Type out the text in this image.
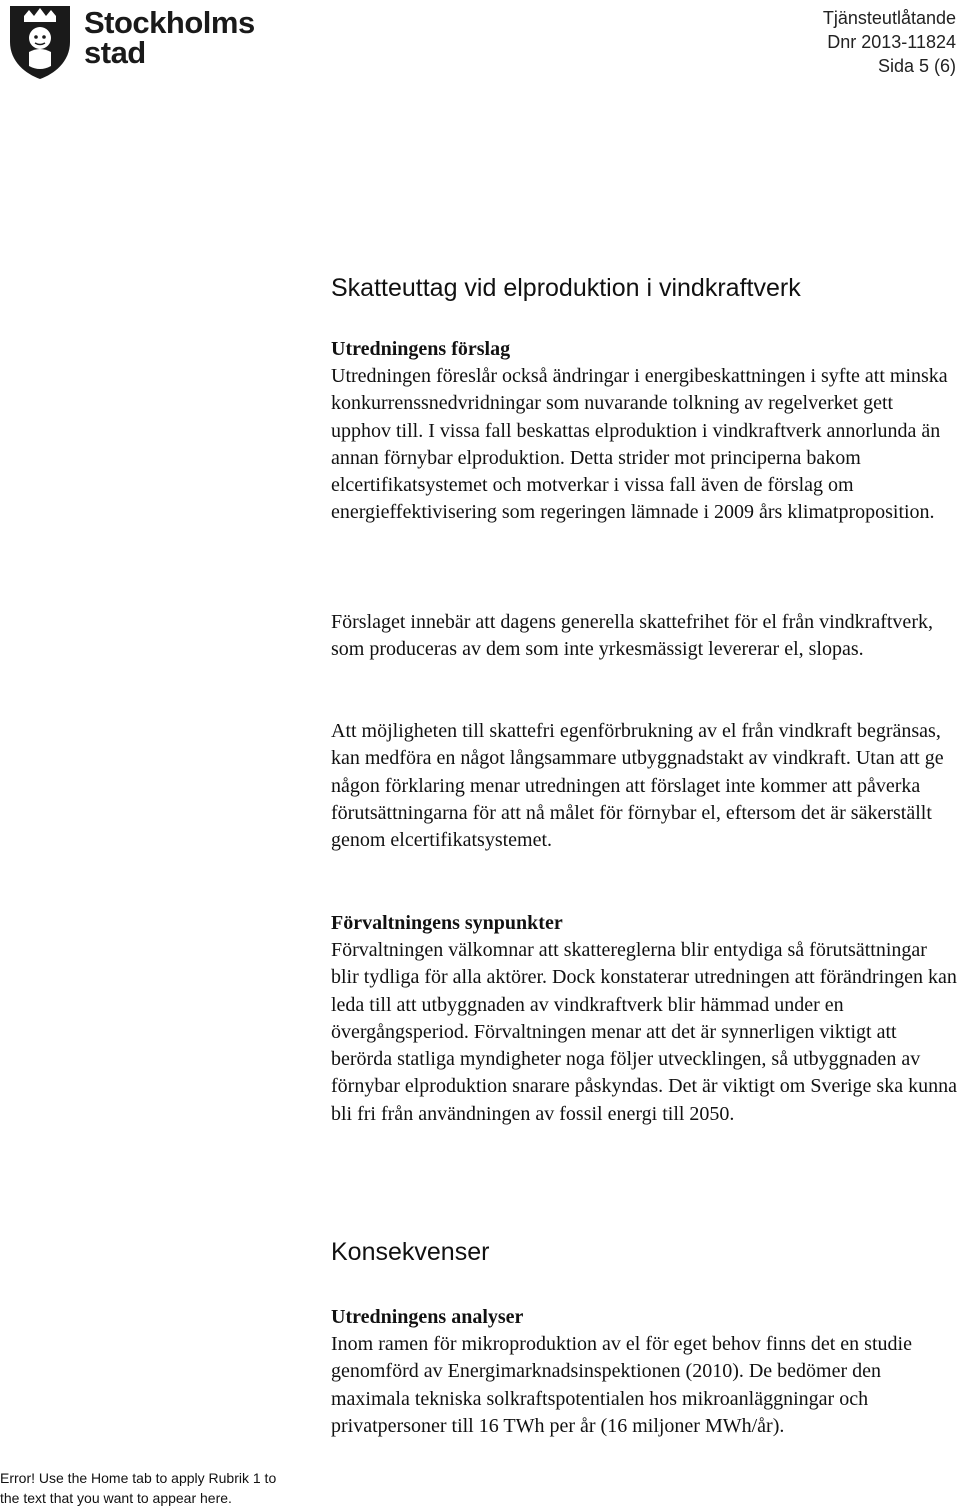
Stockholms
stad
Tjänsteutlåtande
Dnr 2013-11824
Sida 5 (6)
Skatteuttag vid elproduktion i vindkraftverk
Utredningens förslag

Utredningen föreslår också ändringar i energibeskattningen i syfte att minska konkurrenssnedvridningar som nuvarande tolkning av regelverket gett upphov till. I vissa fall beskattas elproduktion i vindkraftverk annorlunda än annan förnybar elproduktion. Detta strider mot principerna bakom elcertifikatsystemet och motverkar i vissa fall även de förslag om energieffektivisering som regeringen lämnade i 2009 års klimatproposition.

Förslaget innebär att dagens generella skattefrihet för el från vindkraftverk, som produceras av dem som inte yrkesmässigt levererar el, slopas.

Att möjligheten till skattefri egenförbrukning av el från vindkraft begränsas, kan medföra en något långsammare utbyggnadstakt av vindkraft. Utan att ge någon förklaring menar utredningen att förslaget inte kommer att påverka förutsättningarna för att nå målet för förnybar el, eftersom det är säkerställt genom elcertifikatsystemet.

Förvaltningens synpunkter

Förvaltningen välkomnar att skattereglerna blir entydiga så förutsättningar blir tydliga för alla aktörer. Dock konstaterar utredningen att förändringen kan leda till att utbyggnaden av vindkraftverk blir hämmad under en övergångsperiod. Förvaltningen menar att det är synnerligen viktigt att berörda statliga myndigheter noga följer utvecklingen, så utbyggnaden av förnybar elproduktion snarare påskyndas. Det är viktigt om Sverige ska kunna bli fri från användningen av fossil energi till 2050.

Konsekvenser
Utredningens analyser

Inom ramen för mikroproduktion av el för eget behov finns det en studie genomförd av Energimarknadsinspektionen (2010). De bedömer den maximala tekniska solkraftspotentialen hos mikroanläggningar och privatpersoner till 16 TWh per år (16 miljoner MWh/år).

Error! Use the Home tab to apply Rubrik 1 to the text that you want to appear here.
